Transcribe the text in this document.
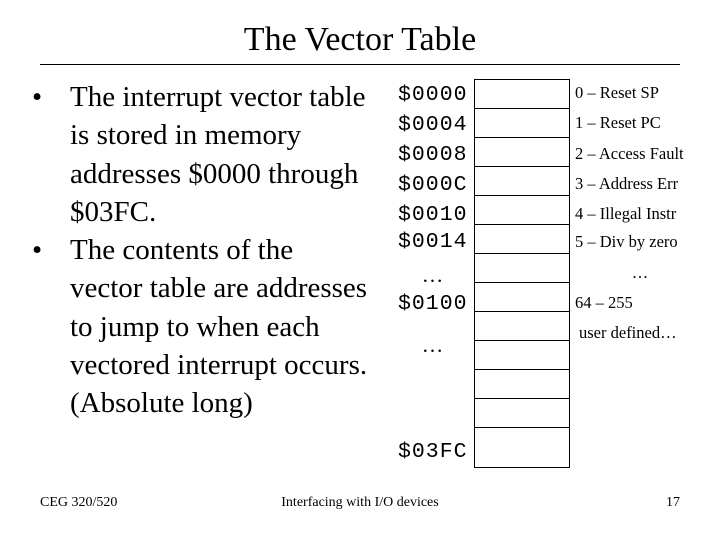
The Vector Table
• The interrupt vector table is stored in memory addresses $0000 through $03FC.
• The contents of the vector table are addresses to jump to when each vectored interrupt occurs. (Absolute long)
$0000
$0004
$0008
$000C
$0010
$0014
…
$0100
…
$03FC
0 – Reset SP
1 – Reset PC
2 – Access Fault
3 – Address Err
4 – Illegal Instr
5 – Div by zero
…
64 – 255
user defined…
CEG 320/520	Interfacing with I/O devices	17
